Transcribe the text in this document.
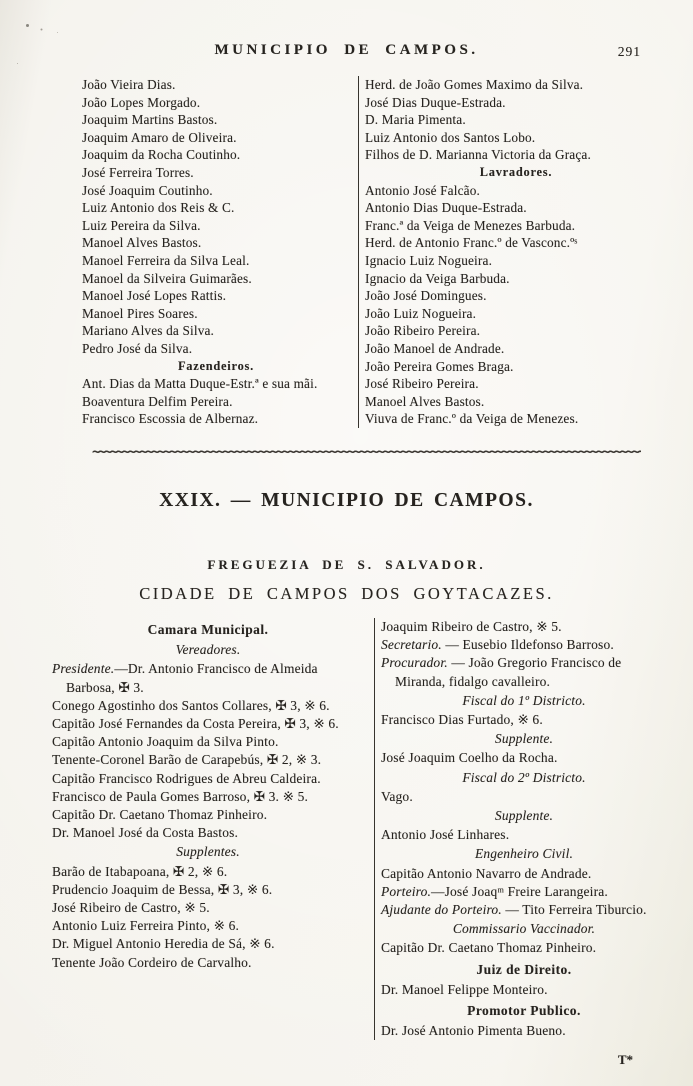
MUNICIPIO DE CAMPOS.	291
João Vieira Dias.
João Lopes Morgado.
Joaquim Martins Bastos.
Joaquim Amaro de Oliveira.
Joaquim da Rocha Coutinho.
José Ferreira Torres.
José Joaquim Coutinho.
Luiz Antonio dos Reis & C.
Luiz Pereira da Silva.
Manoel Alves Bastos.
Manoel Ferreira da Silva Leal.
Manoel da Silveira Guimarães.
Manoel José Lopes Rattis.
Manoel Pires Soares.
Mariano Alves da Silva.
Pedro José da Silva.
Fazendeiros.
Ant. Dias da Matta Duque-Estr.ª e sua mãi.
Boaventura Delfim Pereira.
Francisco Escossia de Albernaz.
Herd. de João Gomes Maximo da Silva.
José Dias Duque-Estrada.
D. Maria Pimenta.
Luiz Antonio dos Santos Lobo.
Filhos de D. Marianna Victoria da Graça.
Lavradores.
Antonio José Falcão.
Antonio Dias Duque-Estrada.
Franc.ª da Veiga de Menezes Barbuda.
Herd. de Antonio Franc.º de Vasconc.ºˢ
Ignacio Luiz Nogueira.
Ignacio da Veiga Barbuda.
João José Domingues.
João Luiz Nogueira.
João Ribeiro Pereira.
João Manoel de Andrade.
João Pereira Gomes Braga.
José Ribeiro Pereira.
Manoel Alves Bastos.
Viuva de Franc.º da Veiga de Menezes.
~~~~~
XXIX. — MUNICIPIO DE CAMPOS.
FREGUEZIA DE S. SALVADOR.
CIDADE DE CAMPOS DOS GOYTACAZES.
Camara Municipal.
Vereadores.
Presidente.—Dr. Antonio Francisco de Almeida Barbosa, ✠ 3.
Conego Agostinho dos Santos Collares, ✠ 3, ※ 6.
Capitão José Fernandes da Costa Pereira, ✠ 3, ※ 6.
Capitão Antonio Joaquim da Silva Pinto.
Tenente-Coronel Barão de Carapebús, ✠ 2, ※ 3.
Capitão Francisco Rodrigues de Abreu Caldeira.
Francisco de Paula Gomes Barroso, ✠ 3. ※ 5.
Capitão Dr. Caetano Thomaz Pinheiro.
Dr. Manoel José da Costa Bastos.
Supplentes.
Barão de Itabapoana, ✠ 2, ※ 6.
Prudencio Joaquim de Bessa, ✠ 3, ※ 6.
José Ribeiro de Castro, ※ 5.
Antonio Luiz Ferreira Pinto, ※ 6.
Dr. Miguel Antonio Heredia de Sá, ※ 6.
Tenente João Cordeiro de Carvalho.
Joaquim Ribeiro de Castro, ※ 5.
Secretario. — Eusebio Ildefonso Barroso.
Procurador. — João Gregorio Francisco de Miranda, fidalgo cavalleiro.
Fiscal do 1º Districto.
Francisco Dias Furtado, ※ 6.
Supplente.
José Joaquim Coelho da Rocha.
Fiscal do 2º Districto.
Vago.
Supplente.
Antonio José Linhares.
Engenheiro Civil.
Capitão Antonio Navarro de Andrade.
Porteiro.—José Joaqᵐ Freire Larangeira.
Ajudante do Porteiro. — Tito Ferreira Tiburcio.
Commissario Vaccinador.
Capitão Dr. Caetano Thomaz Pinheiro.
Juiz de Direito.
Dr. Manoel Felippe Monteiro.
Promotor Publico.
Dr. José Antonio Pimenta Bueno.
T*
